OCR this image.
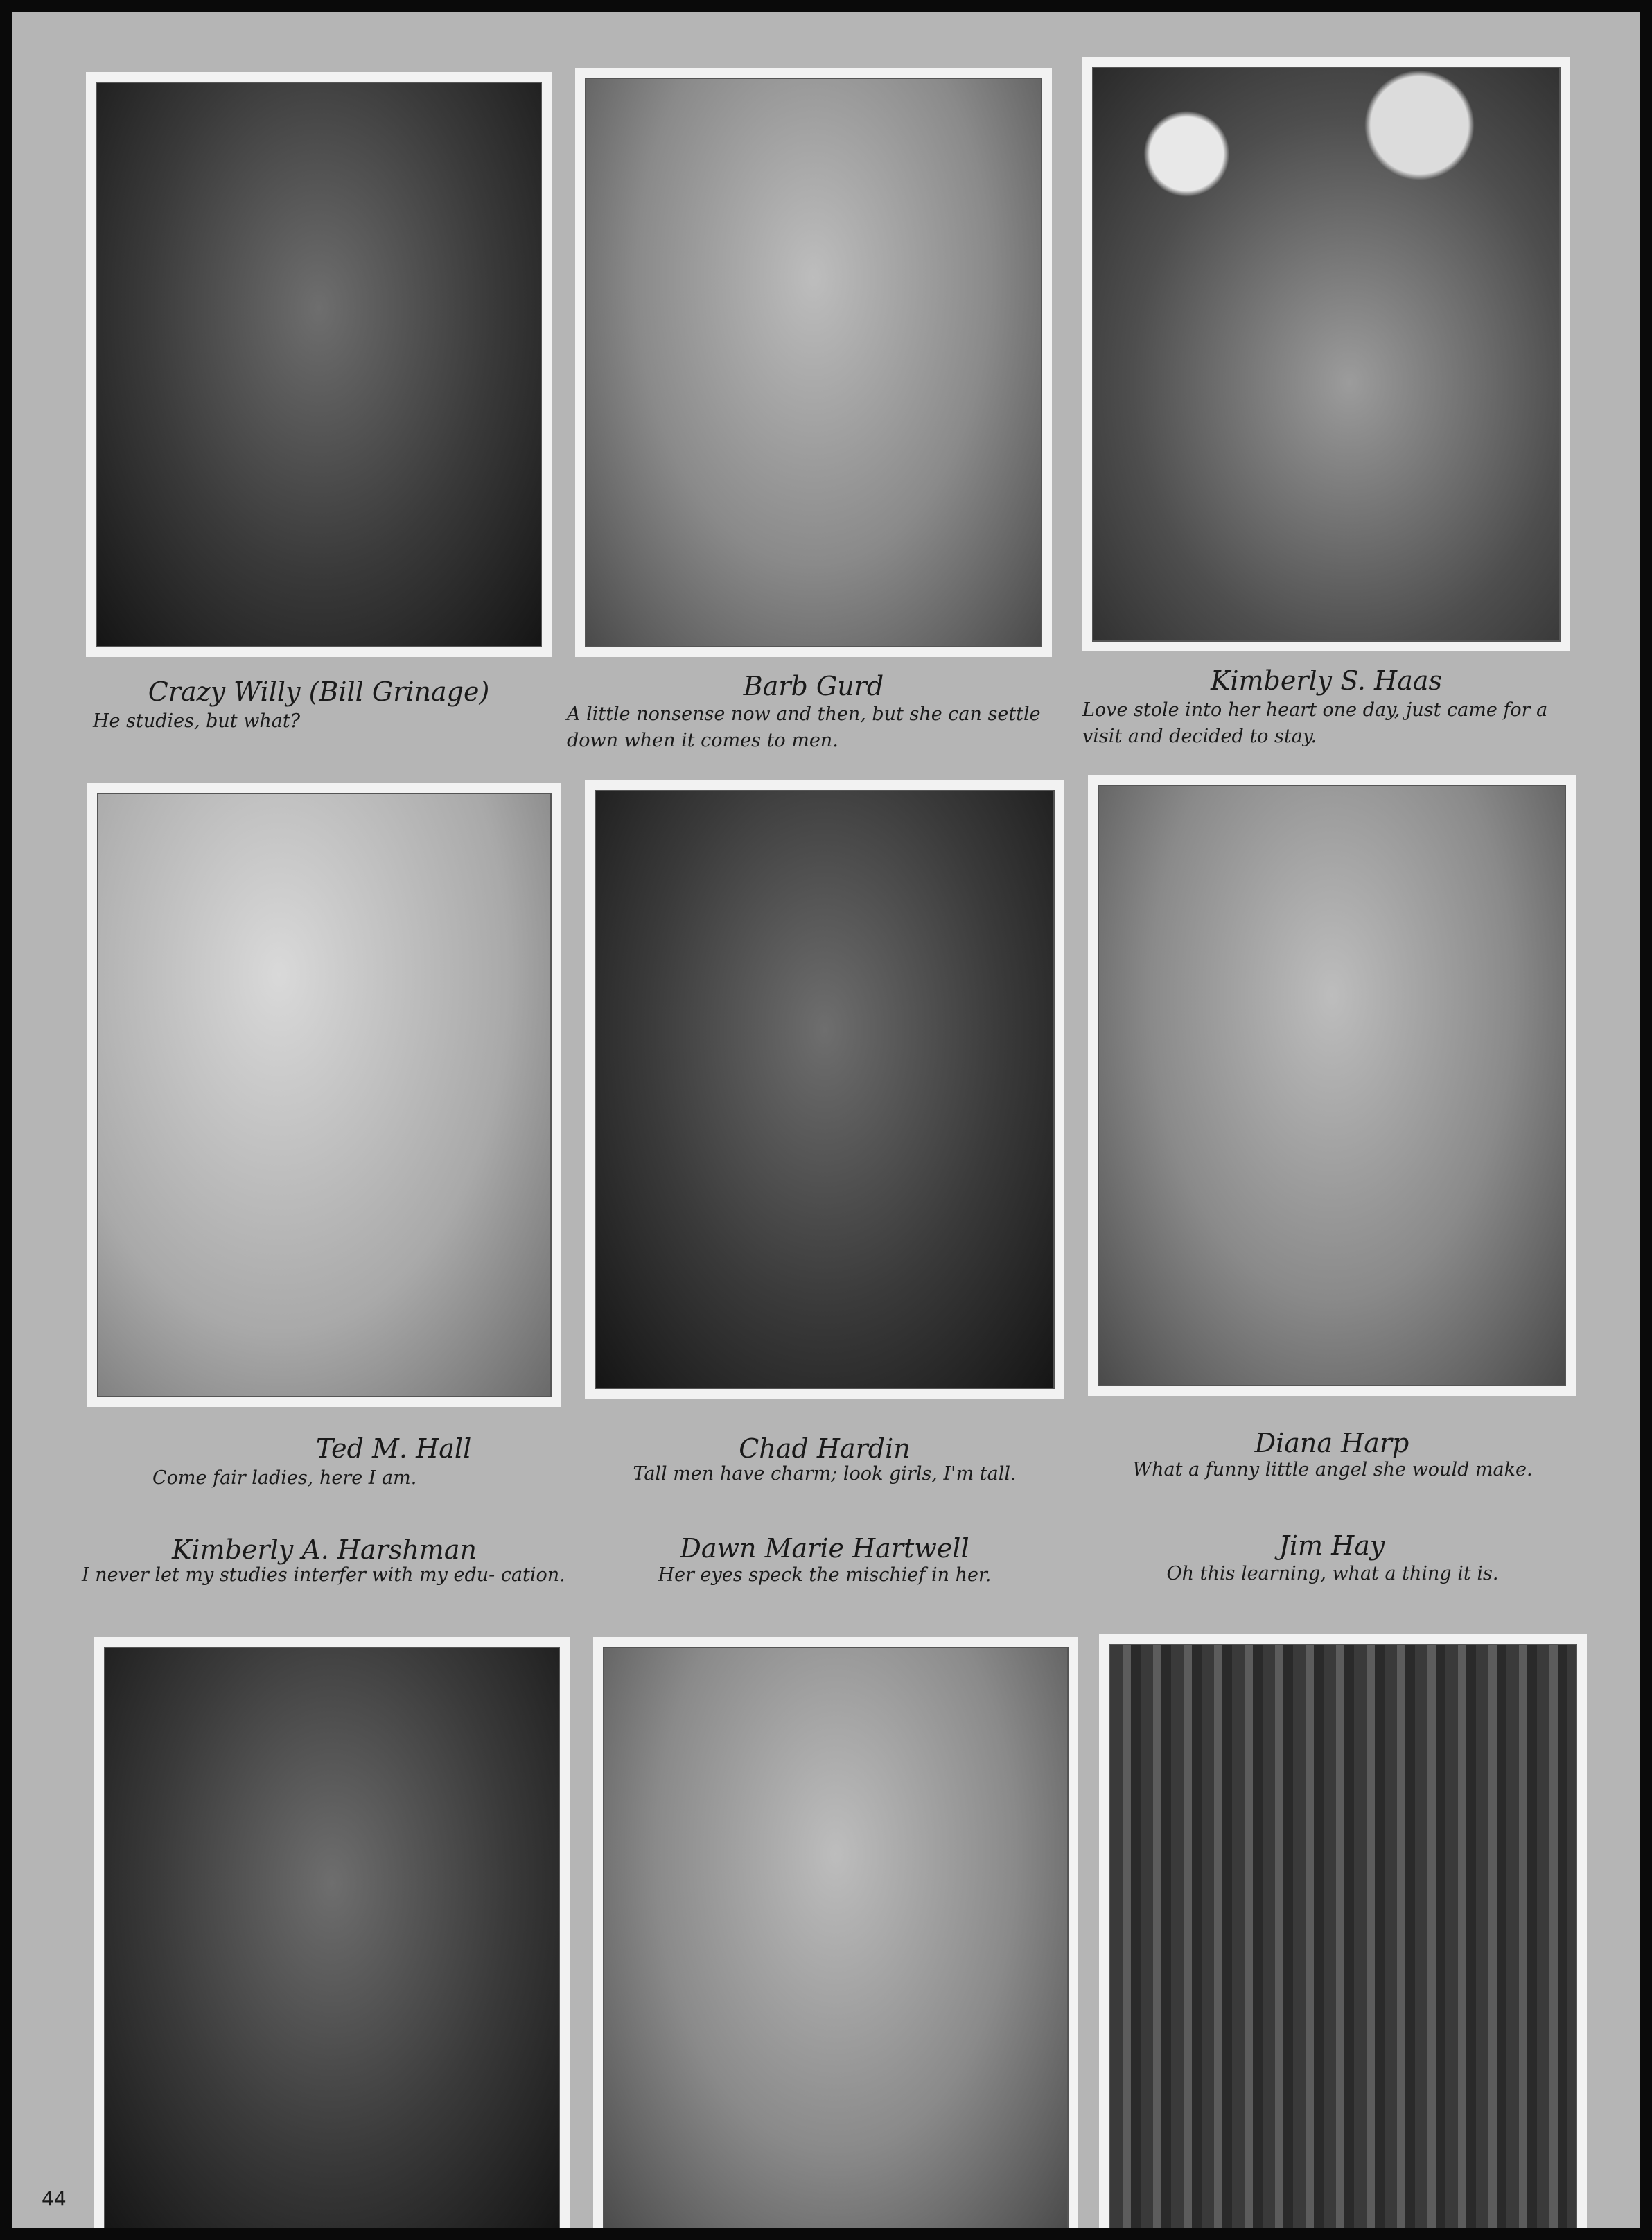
Crazy Willy (Bill Grinage)
He studies, but what?
Barb Gurd
A little nonsense now and then, but she can settle down when it comes to men.
Kimberly S. Haas
Love stole into her heart one day, just came for a visit and decided to stay.
Ted M. Hall
Come fair ladies, here I am.
Chad Hardin
Tall men have charm; look girls, I'm tall.
Diana Harp
What a funny little angel she would make.
Kimberly A. Harshman
I never let my studies interfer with my edu- cation.
Dawn Marie Hartwell
Her eyes speck the mischief in her.
Jim Hay
Oh this learning, what a thing it is.
44
